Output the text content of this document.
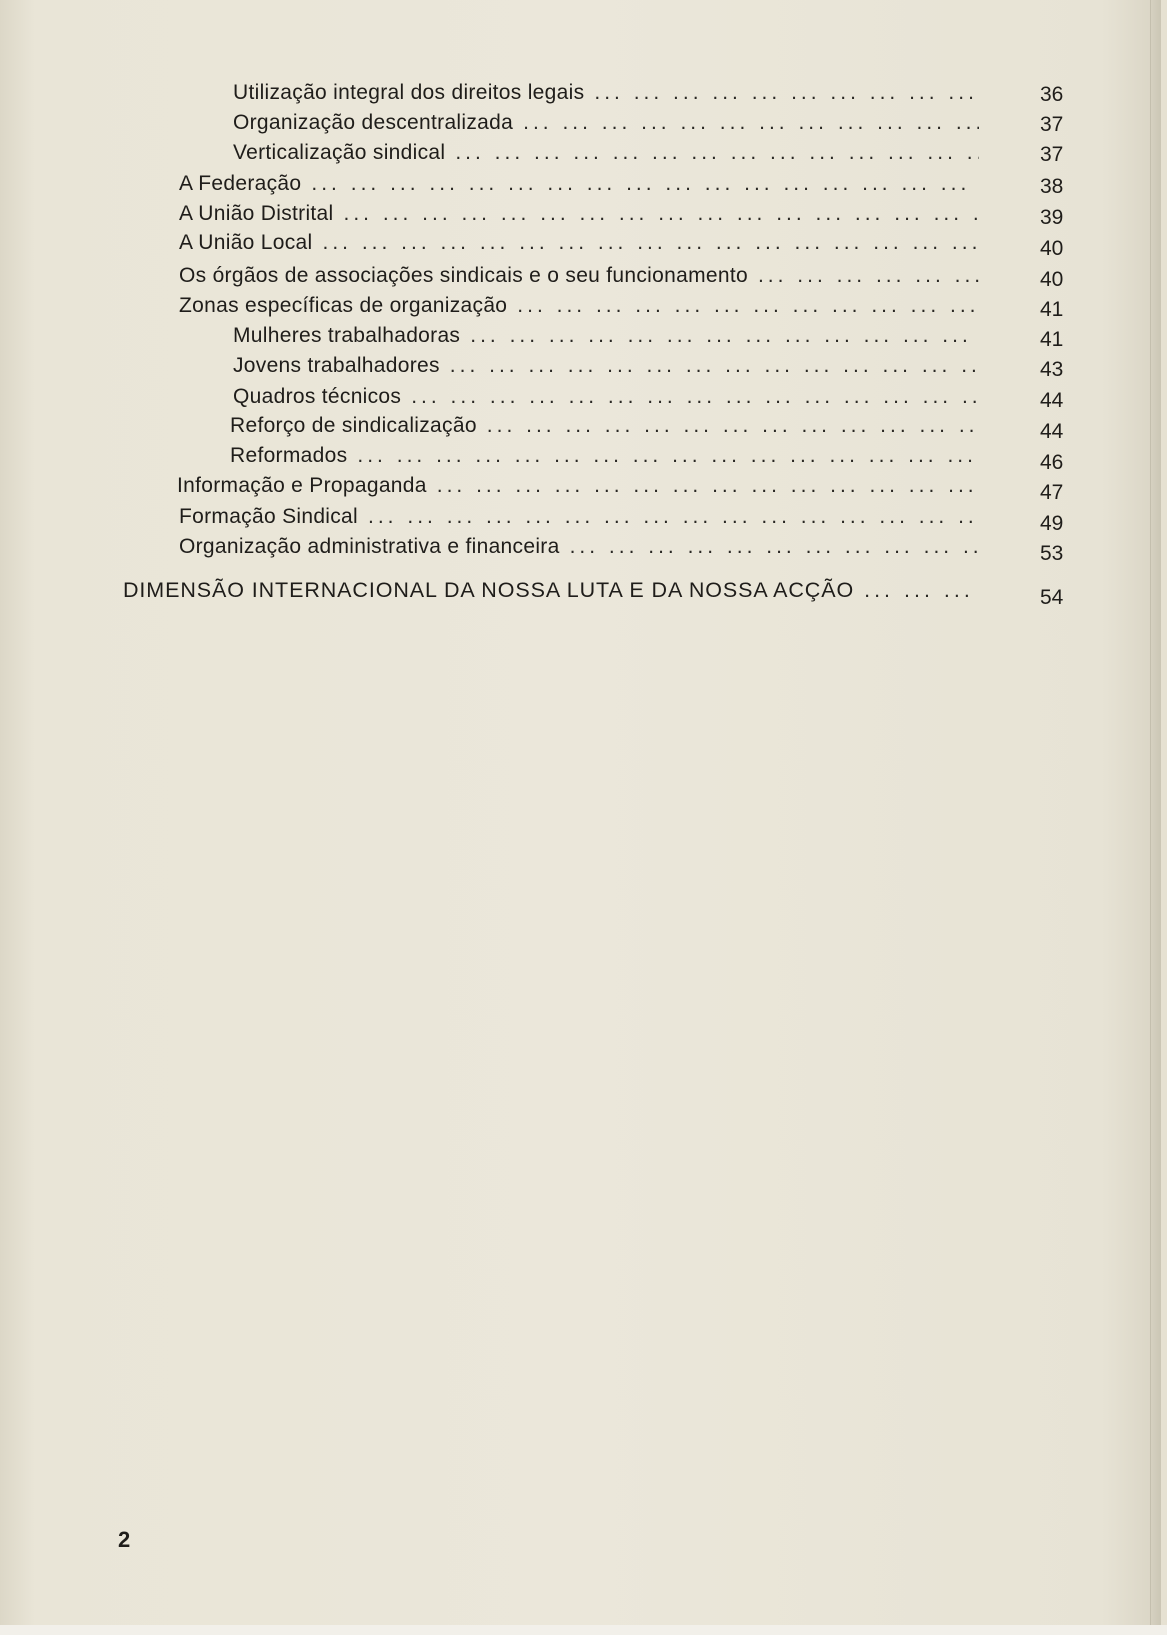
Utilização integral dos direitos legais ... .	36
Organização descentralizada ... .	37
Verticalização sindical ... .	37
A Federação ... .	38
A União Distrital ... .	39
A União Local ... .	40
Os órgãos de associações sindicais e o seu funcionamento ... .	40
Zonas específicas de organização ... .	41
Mulheres trabalhadoras ... .	41
Jovens trabalhadores ... .	43
Quadros técnicos ... .	44
Reforço de sindicalização ... .	44
Reformados ... .	46
Informação e Propaganda ... .	47
Formação Sindical ... .	49
Organização administrativa e financeira ... .	53
DIMENSÃO INTERNACIONAL DA NOSSA LUTA E DA NOSSA ACÇÃO ... .	54
2
